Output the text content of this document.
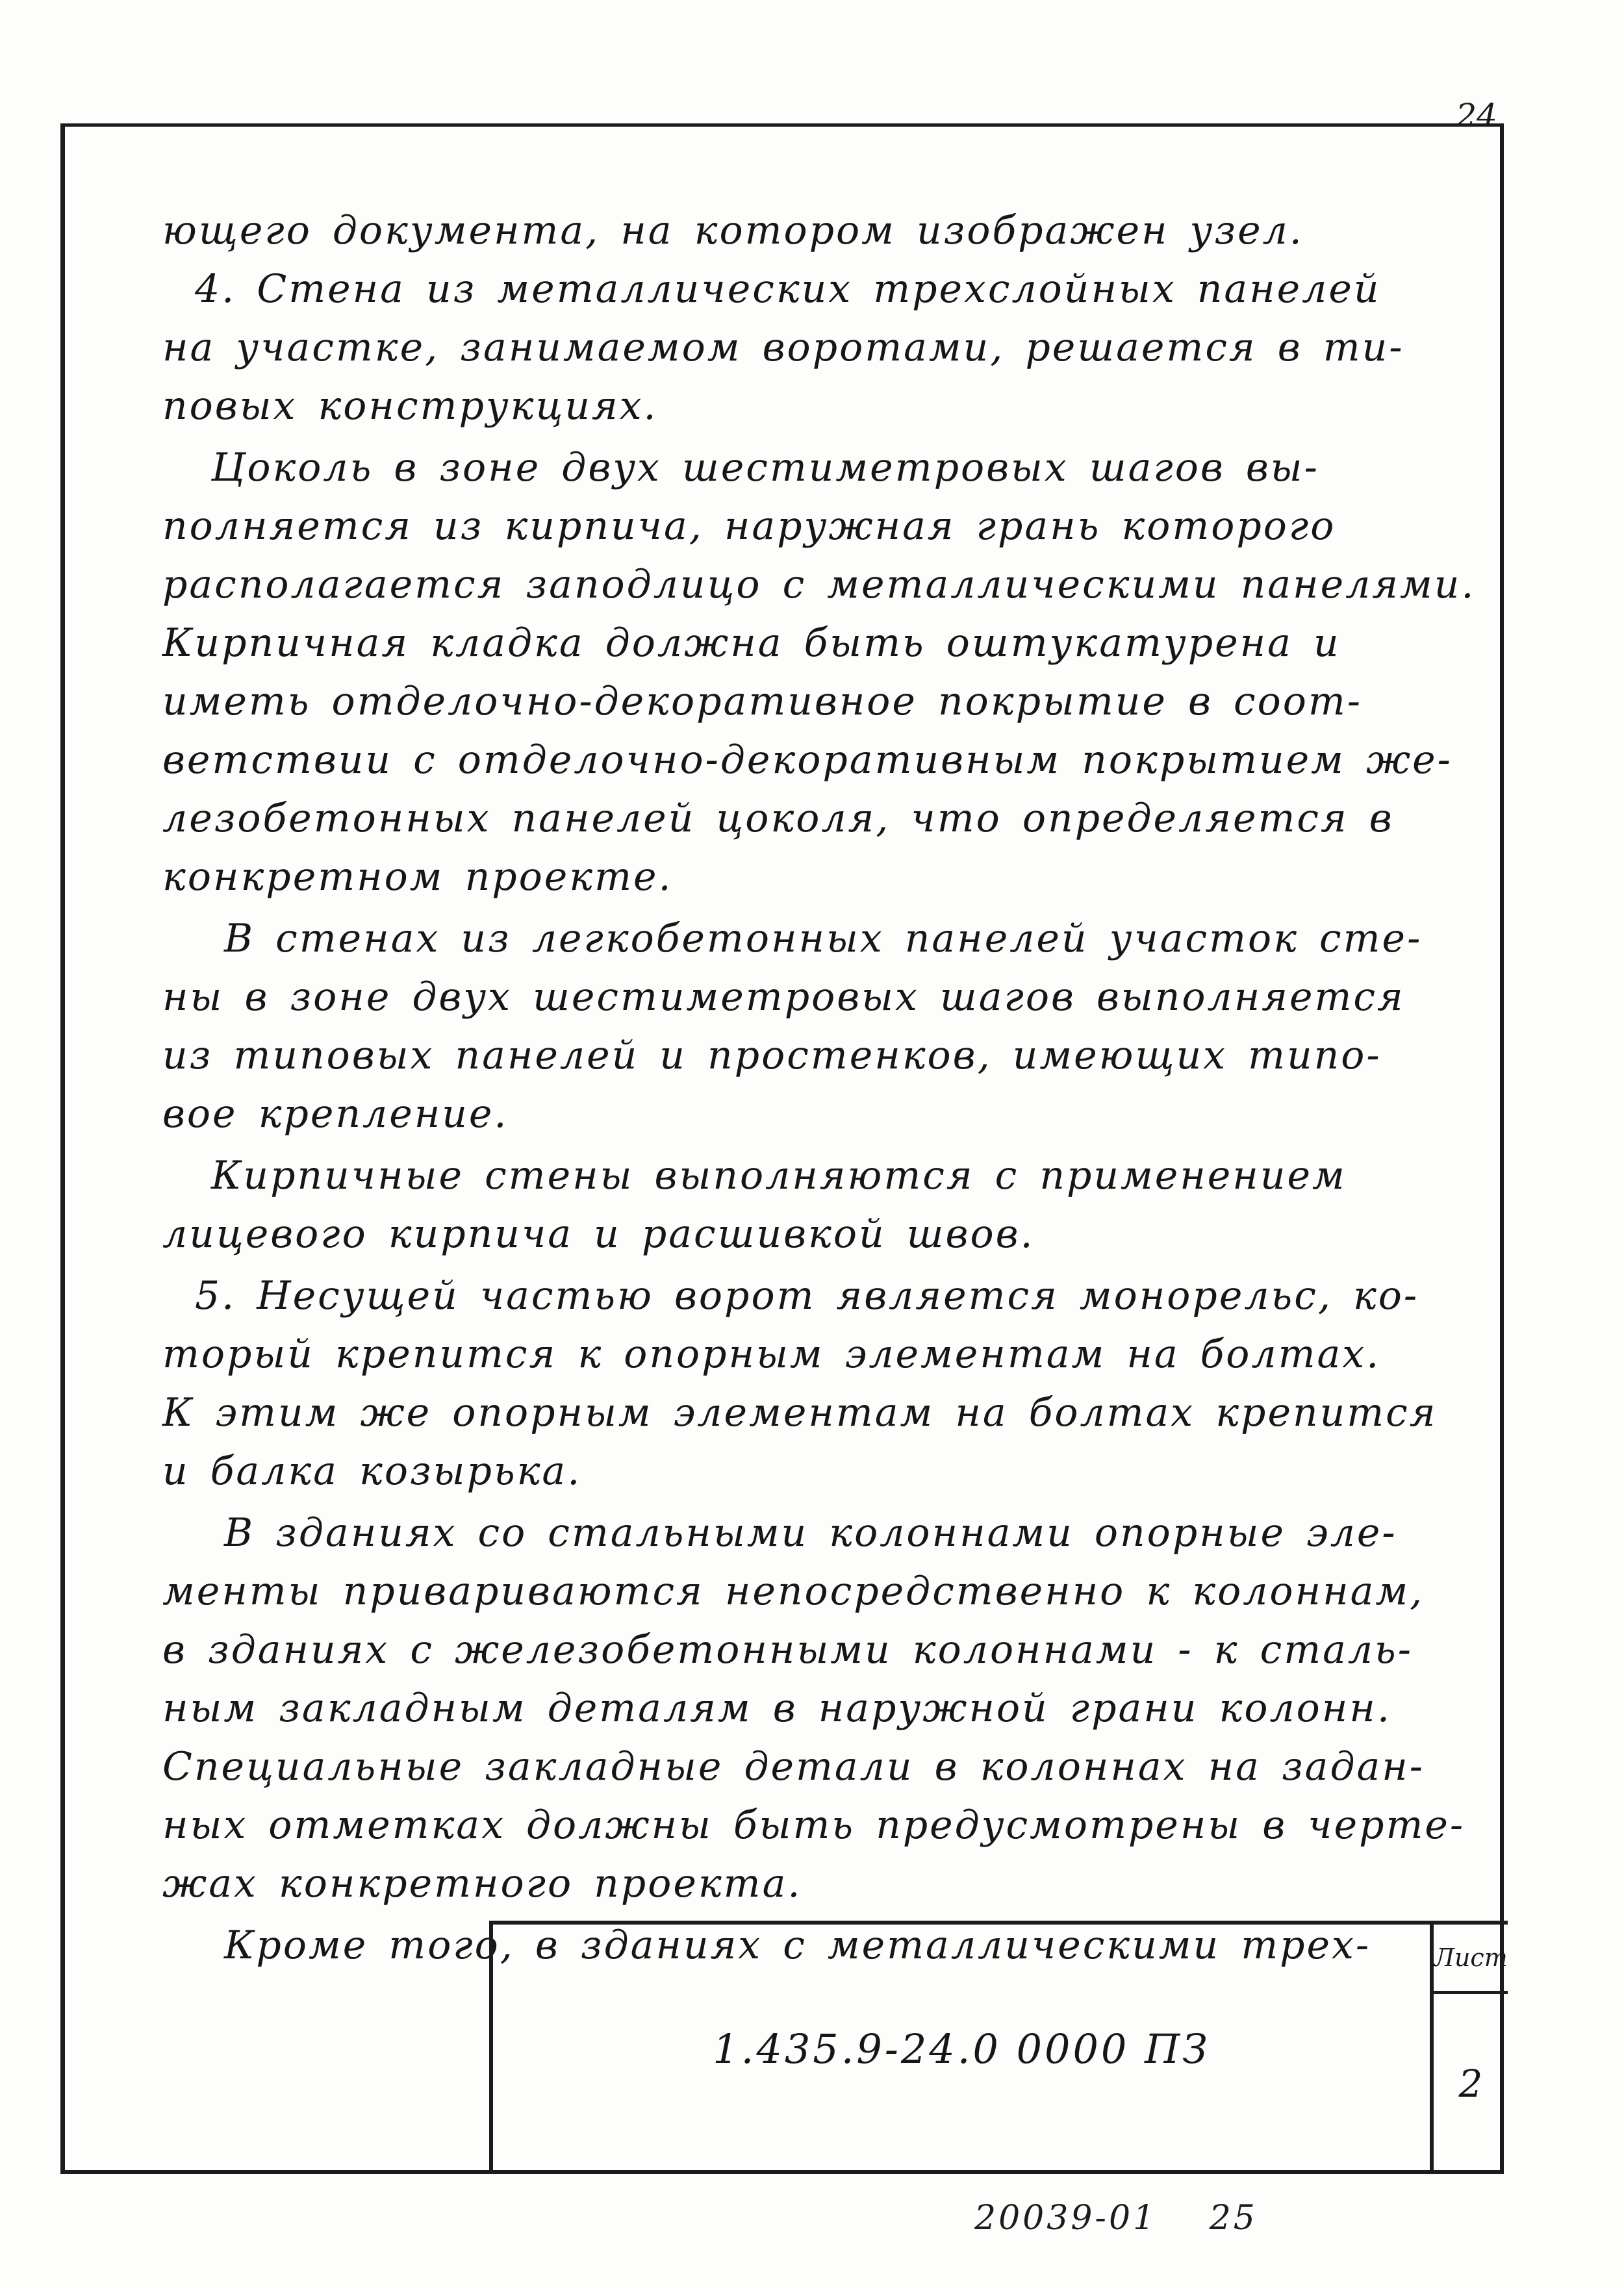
24
ющего документа, на котором изображен узел.
4. Стена из металлических трехслойных панелей
на участке, занимаемом воротами, решается в ти-
повых конструкциях.
Цоколь в зоне двух шестиметровых шагов вы-
полняется из кирпича, наружная грань которого
располагается заподлицо с металлическими панелями.
Кирпичная кладка должна быть оштукатурена и
иметь отделочно-декоративное покрытие в соот-
ветствии с отделочно-декоративным покрытием же-
лезобетонных панелей цоколя, что определяется в
конкретном проекте.
В стенах из легкобетонных панелей участок сте-
ны в зоне двух шестиметровых шагов выполняется
из типовых панелей и простенков, имеющих типо-
вое крепление.
Кирпичные стены выполняются с применением
лицевого кирпича и расшивкой швов.
5. Несущей частью ворот является монорельс, ко-
торый крепится к опорным элементам на болтах.
К этим же опорным элементам на болтах крепится
и балка козырька.
В зданиях со стальными колоннами опорные эле-
менты привариваются непосредственно к колоннам,
в зданиях с железобетонными колоннами - к сталь-
ным закладным деталям в наружной грани колонн.
Специальные закладные детали в колоннах на задан-
ных отметках должны быть предусмотрены в черте-
жах конкретного проекта.
Кроме того, в зданиях с металлическими трех-
1.435.9-24.0 0000 ПЗ
Лист
2
20039-01 25
